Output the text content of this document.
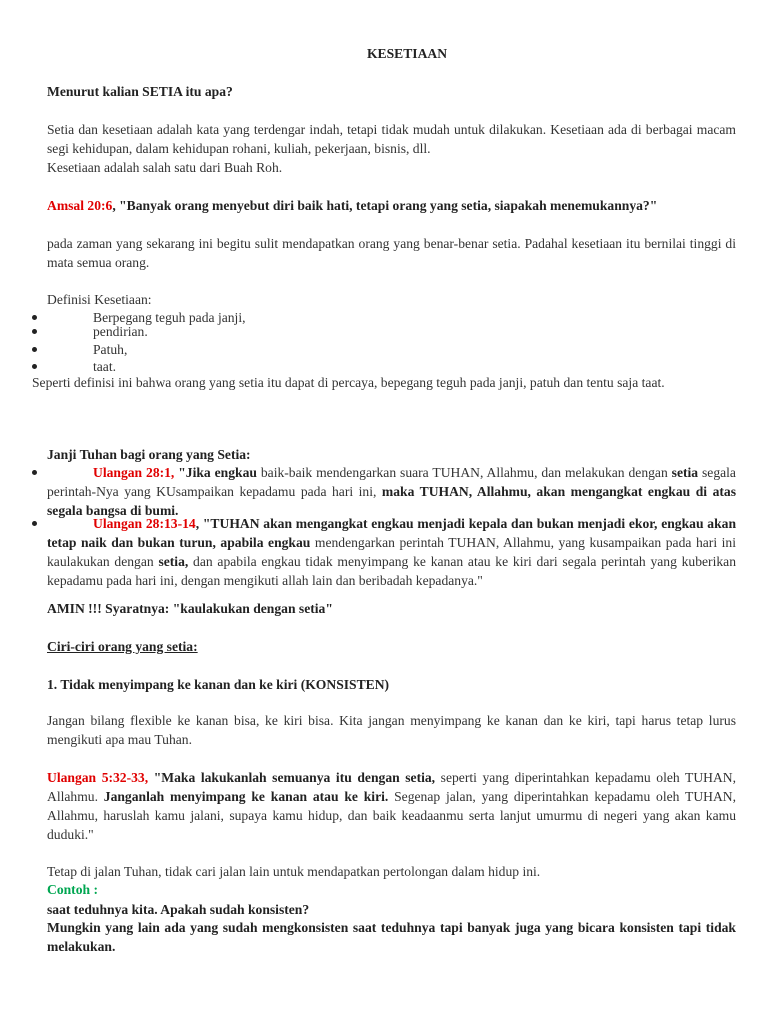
KESETIAAN

Menurut kalian SETIA itu apa?

Setia dan kesetiaan adalah kata yang terdengar indah, tetapi tidak mudah untuk dilakukan. Kesetiaan ada di berbagai macam segi kehidupan, dalam kehidupan rohani, kuliah, pekerjaan, bisnis, dll.

Kesetiaan adalah salah satu dari Buah Roh.

Amsal 20:6, "Banyak orang menyebut diri baik hati, tetapi orang yang setia, siapakah menemukannya?"

pada zaman yang sekarang ini begitu sulit mendapatkan orang yang benar-benar setia. Padahal kesetiaan itu bernilai tinggi di mata semua orang.

Definisi Kesetiaan:

Berpegang teguh pada janji,
pendirian.
Patuh,
taat.

Seperti definisi ini bahwa orang yang setia itu dapat di percaya, bepegang teguh pada janji, patuh dan tentu saja taat.

Janji Tuhan bagi orang yang Setia:

Ulangan 28:1, "Jika engkau baik-baik mendengarkan suara TUHAN, Allahmu, dan melakukan dengan setia segala perintah-Nya yang KUsampaikan kepadamu pada hari ini, maka TUHAN, Allahmu, akan mengangkat engkau di atas segala bangsa di bumi.
Ulangan 28:13-14, "TUHAN akan mengangkat engkau menjadi kepala dan bukan menjadi ekor, engkau akan tetap naik dan bukan turun, apabila engkau mendengarkan perintah TUHAN, Allahmu, yang kusampaikan pada hari ini kaulakukan dengan setia, dan apabila engkau tidak menyimpang ke kanan atau ke kiri dari segala perintah yang kuberikan kepadamu pada hari ini, dengan mengikuti allah lain dan beribadah kepadanya."

AMIN !!! Syaratnya: "kaulakukan dengan setia"

Ciri-ciri orang yang setia:

1. Tidak menyimpang ke kanan dan ke kiri (KONSISTEN)

Jangan bilang flexible ke kanan bisa, ke kiri bisa. Kita jangan menyimpang ke kanan dan ke kiri, tapi harus tetap lurus mengikuti apa mau Tuhan.

Ulangan 5:32-33, "Maka lakukanlah semuanya itu dengan setia, seperti yang diperintahkan kepadamu oleh TUHAN, Allahmu. Janganlah menyimpang ke kanan atau ke kiri. Segenap jalan, yang diperintahkan kepadamu oleh TUHAN, Allahmu, haruslah kamu jalani, supaya kamu hidup, dan baik keadaanmu serta lanjut umurmu di negeri yang akan kamu duduki."

Tetap di jalan Tuhan, tidak cari jalan lain untuk mendapatkan pertolongan dalam hidup ini.

Contoh :

saat teduhnya kita. Apakah sudah konsisten?

Mungkin yang lain ada yang sudah mengkonsisten saat teduhnya tapi banyak juga yang bicara konsisten tapi tidak melakukan.
